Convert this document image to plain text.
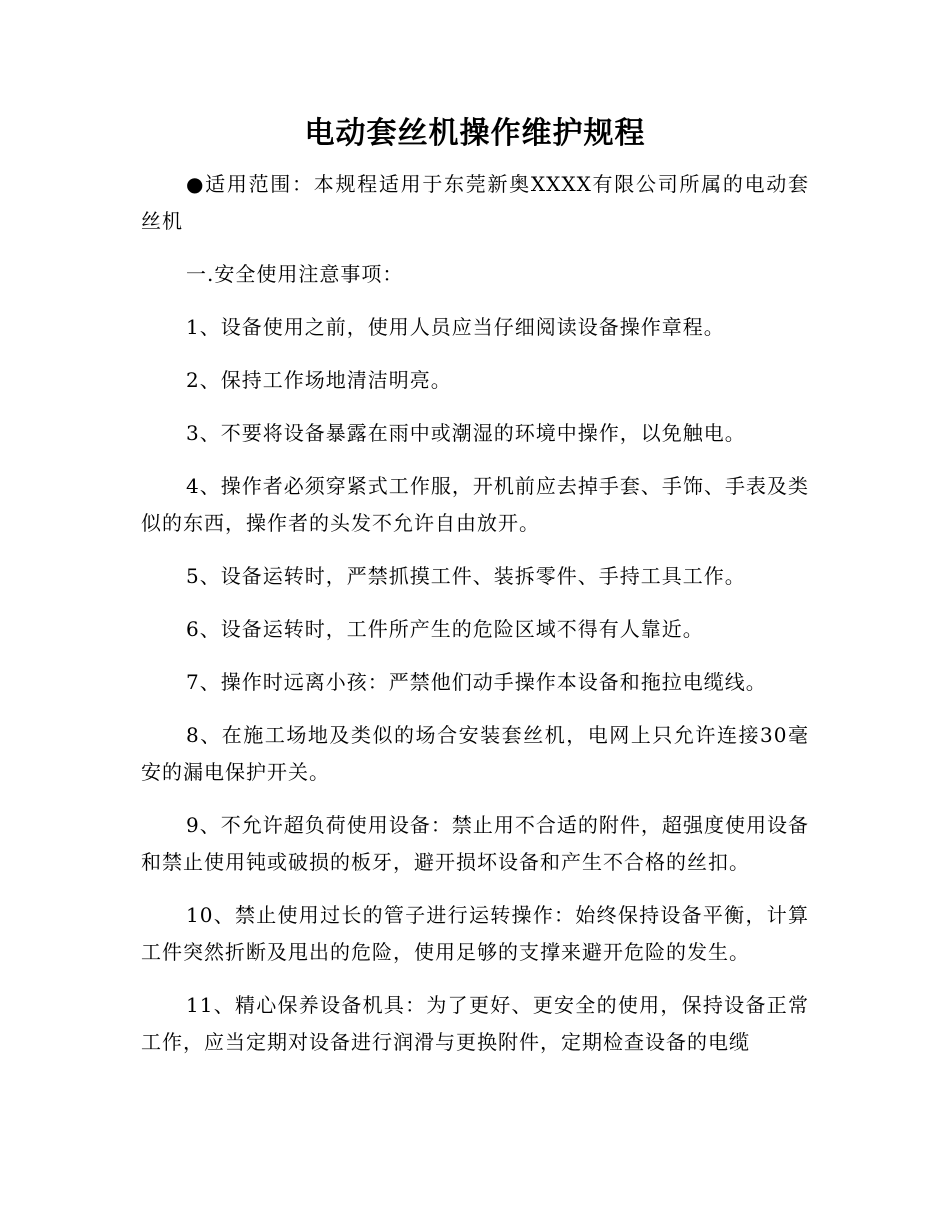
电动套丝机操作维护规程

●适用范围：本规程适用于东莞新奥XXXX有限公司所属的电动套丝机

一.安全使用注意事项：

1、设备使用之前，使用人员应当仔细阅读设备操作章程。

2、保持工作场地清洁明亮。

3、不要将设备暴露在雨中或潮湿的环境中操作，以免触电。

4、操作者必须穿紧式工作服，开机前应去掉手套、手饰、手表及类似的东西，操作者的头发不允许自由放开。

5、设备运转时，严禁抓摸工件、装拆零件、手持工具工作。

6、设备运转时，工件所产生的危险区域不得有人靠近。

7、操作时远离小孩：严禁他们动手操作本设备和拖拉电缆线。

8、在施工场地及类似的场合安装套丝机，电网上只允许连接30毫安的漏电保护开关。

9、不允许超负荷使用设备：禁止用不合适的附件，超强度使用设备和禁止使用钝或破损的板牙，避开损坏设备和产生不合格的丝扣。

10、禁止使用过长的管子进行运转操作：始终保持设备平衡，计算工件突然折断及甩出的危险，使用足够的支撑来避开危险的发生。

11、精心保养设备机具：为了更好、更安全的使用，保持设备正常工作，应当定期对设备进行润滑与更换附件，定期检查设备的电缆
